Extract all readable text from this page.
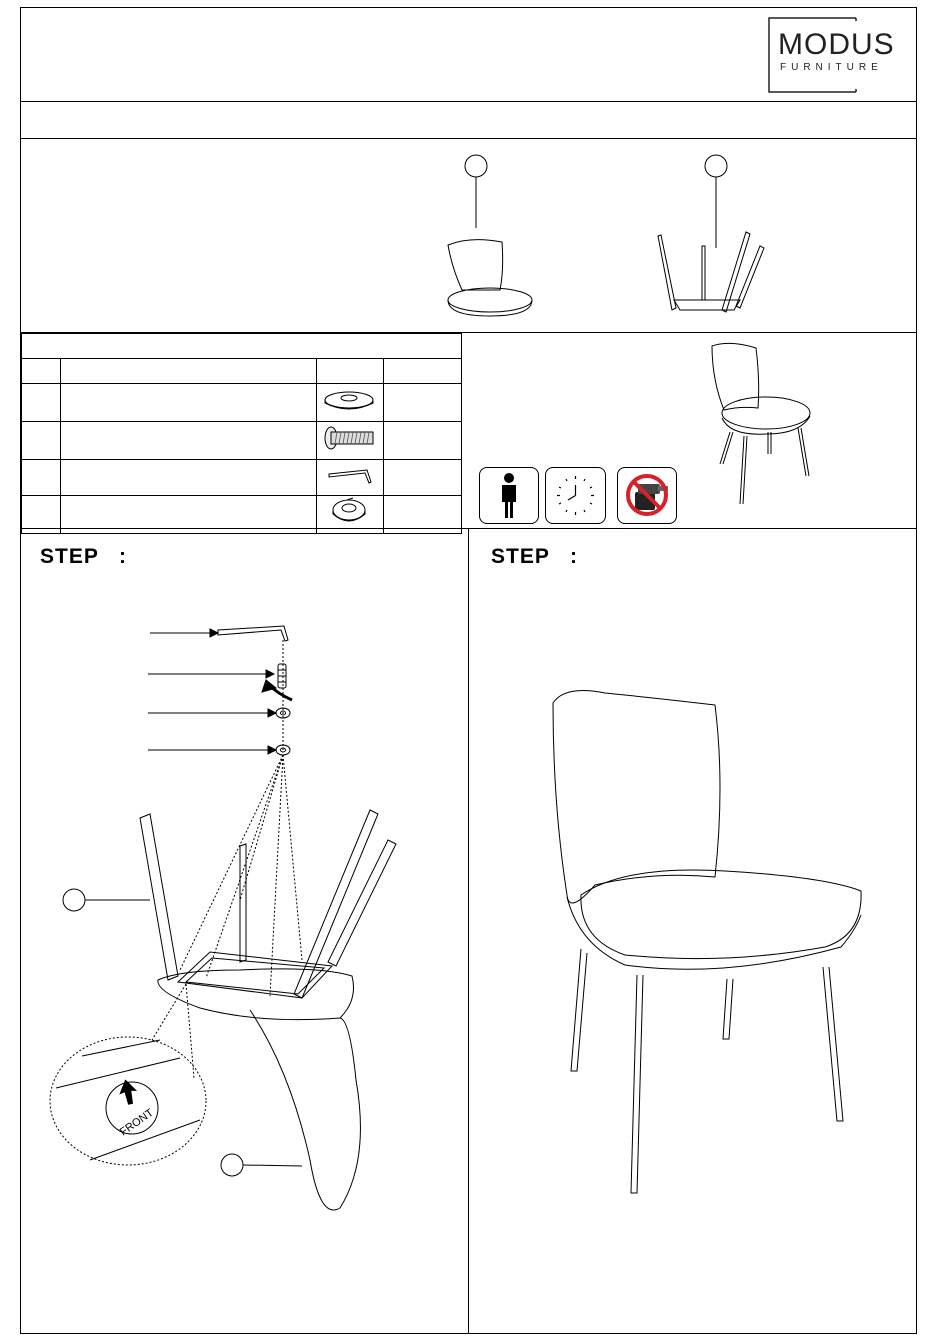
MODUS
FURNITURE

STEP   :	STEP   :
FRONT
